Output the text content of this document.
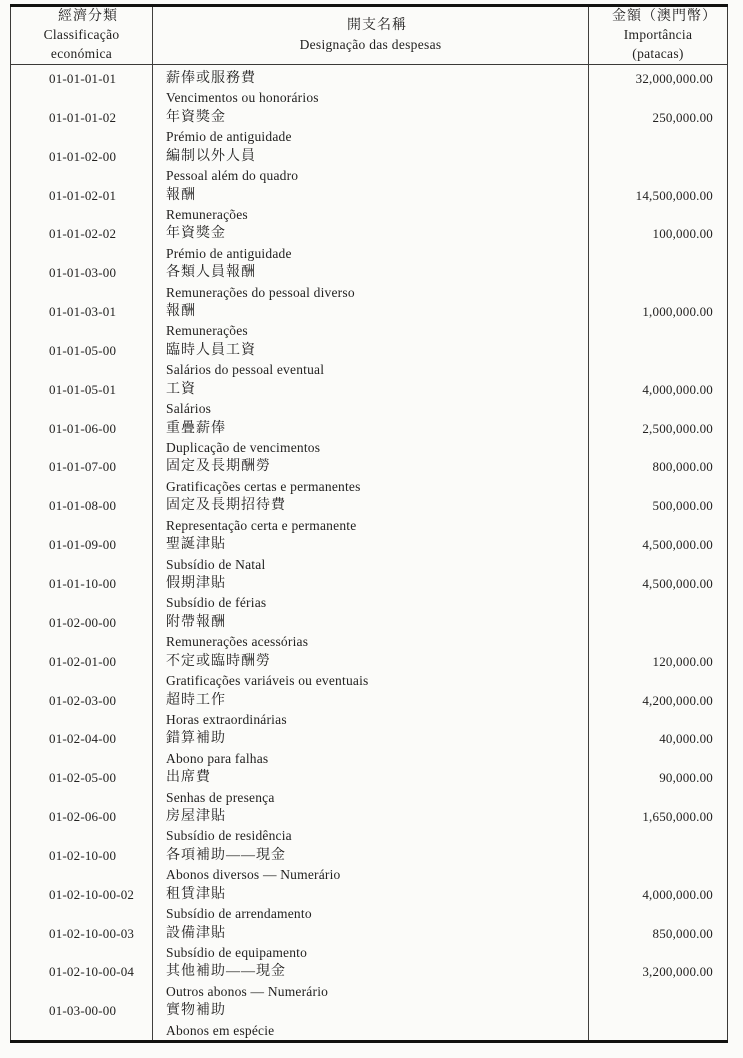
經濟分類
Classificação
económica

開支名稱
Designação das despesas

金額（澳門幣）
Importância
(patacas)

01-01-01-01	薪俸或服務費
Vencimentos ou honorários	32,000,000.00

01-01-01-02	年資獎金
Prémio de antiguidade	250,000.00

01-01-02-00	編制以外人員
Pessoal além do quadro	

01-01-02-01	報酬
Remunerações	14,500,000.00

01-01-02-02	年資獎金
Prémio de antiguidade	100,000.00

01-01-03-00	各類人員報酬
Remunerações do pessoal diverso	

01-01-03-01	報酬
Remunerações	1,000,000.00

01-01-05-00	臨時人員工資
Salários do pessoal eventual	

01-01-05-01	工資
Salários	4,000,000.00

01-01-06-00	重疊薪俸
Duplicação de vencimentos	2,500,000.00

01-01-07-00	固定及長期酬勞
Gratificações certas e permanentes	800,000.00

01-01-08-00	固定及長期招待費
Representação certa e permanente	500,000.00

01-01-09-00	聖誕津貼
Subsídio de Natal	4,500,000.00

01-01-10-00	假期津貼
Subsídio de férias	4,500,000.00

01-02-00-00	附帶報酬
Remunerações acessórias	

01-02-01-00	不定或臨時酬勞
Gratificações variáveis ou eventuais	120,000.00

01-02-03-00	超時工作
Horas extraordinárias	4,200,000.00

01-02-04-00	錯算補助
Abono para falhas	40,000.00

01-02-05-00	出席費
Senhas de presença	90,000.00

01-02-06-00	房屋津貼
Subsídio de residência	1,650,000.00

01-02-10-00	各項補助——現金
Abonos diversos — Numerário	

01-02-10-00-02	租賃津貼
Subsídio de arrendamento	4,000,000.00

01-02-10-00-03	設備津貼
Subsídio de equipamento	850,000.00

01-02-10-00-04	其他補助——現金
Outros abonos — Numerário	3,200,000.00

01-03-00-00	實物補助
Abonos em espécie	
